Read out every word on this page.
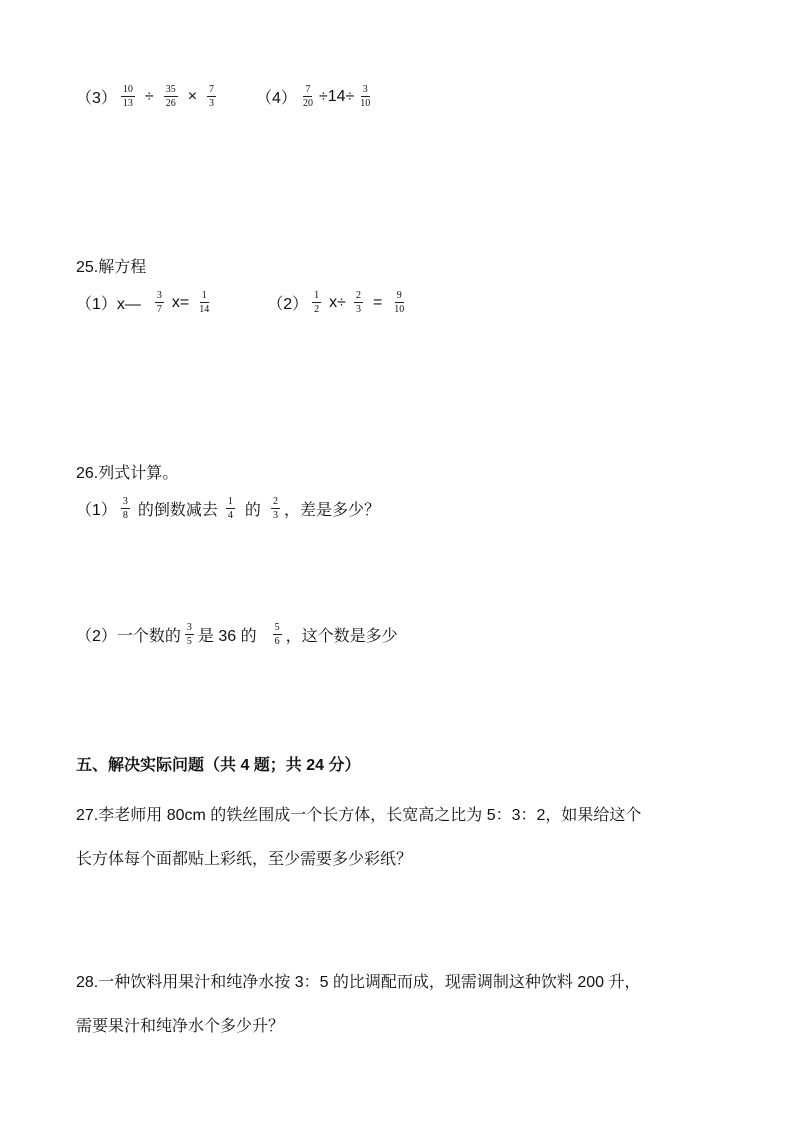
$(3) \frac{10}{13} \div \frac{35}{26} \times \frac{7}{3}$	$(4) \frac{7}{20} \div 14\div \frac{3}{10}$
25.解方程
（1）x— $\frac{3}{7} x= \frac{1}{14}$	$(2) \frac{1}{2} x\div \frac{2}{3} = \frac{9}{10}$
26.列式计算。
$(1) \frac{3}{8}$ 的倒数减去 $\frac{1}{4}$ 的 $\frac{2}{3}$ ，差是多少？
（2）一个数的 $\frac{3}{5}$ 是 36 的 $\frac{5}{6}$ ，这个数是多少
五、解决实际问题（共 4 题；共 24 分）
27.李老师用 80cm 的铁丝围成一个长方体，长宽高之比为 5：3：2，如果给这个
长方体每个面都贴上彩纸，至少需要多少彩纸？
28.一种饮料用果汁和纯净水按 3：5 的比调配而成，现需调制这种饮料 200 升，
需要果汁和纯净水个多少升？
